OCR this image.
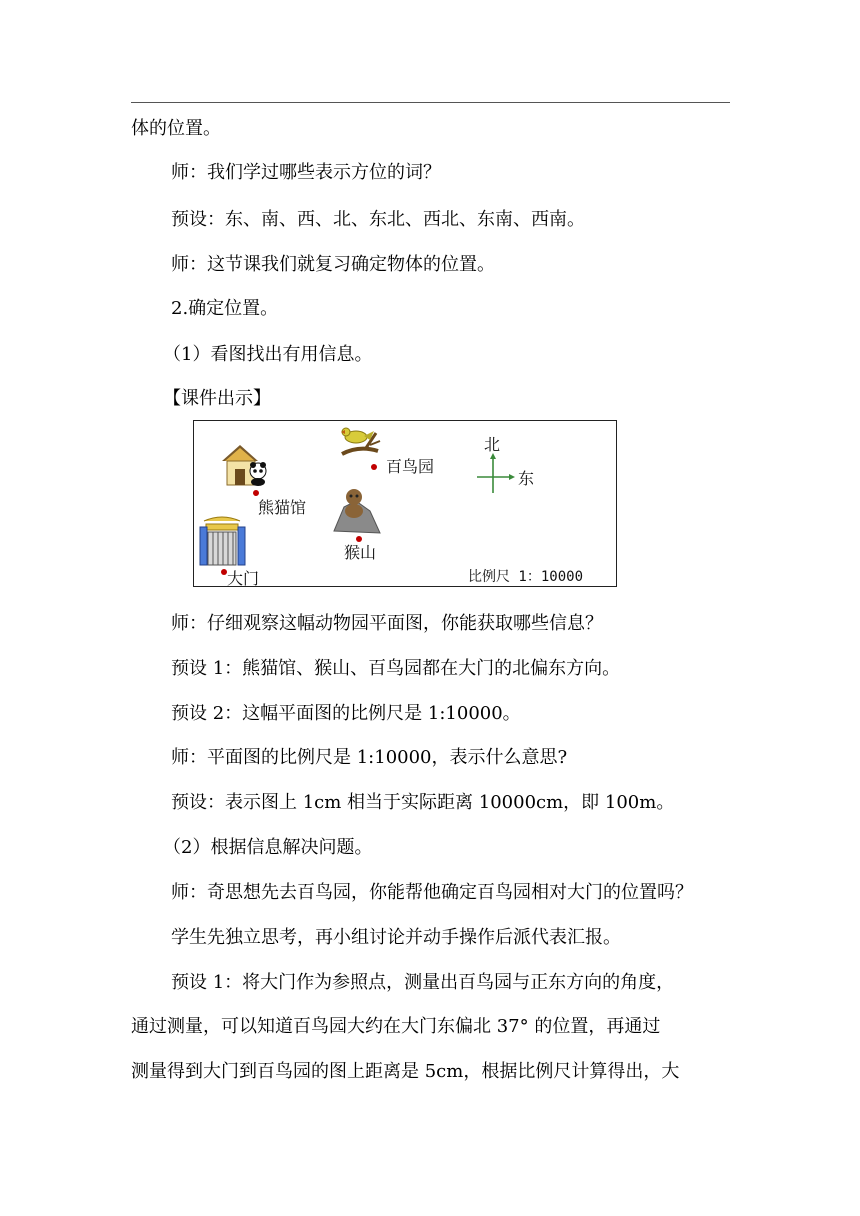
体的位置。
师：我们学过哪些表示方位的词？
预设：东、南、西、北、东北、西北、东南、西南。
师：这节课我们就复习确定物体的位置。
2.确定位置。
（1）看图找出有用信息。
【课件出示】
熊猫馆
百鸟园
猴山
大门
北
东
比例尺 1：10000
师：仔细观察这幅动物园平面图，你能获取哪些信息？
预设 1：熊猫馆、猴山、百鸟园都在大门的北偏东方向。
预设 2：这幅平面图的比例尺是 1:10000。
师：平面图的比例尺是 1:10000，表示什么意思?
预设：表示图上 1cm 相当于实际距离 10000cm，即 100m。
（2）根据信息解决问题。
师：奇思想先去百鸟园，你能帮他确定百鸟园相对大门的位置吗？
学生先独立思考，再小组讨论并动手操作后派代表汇报。
预设 1：将大门作为参照点，测量出百鸟园与正东方向的角度，
通过测量，可以知道百鸟园大约在大门东偏北 37° 的位置，再通过
测量得到大门到百鸟园的图上距离是 5cm，根据比例尺计算得出，大
